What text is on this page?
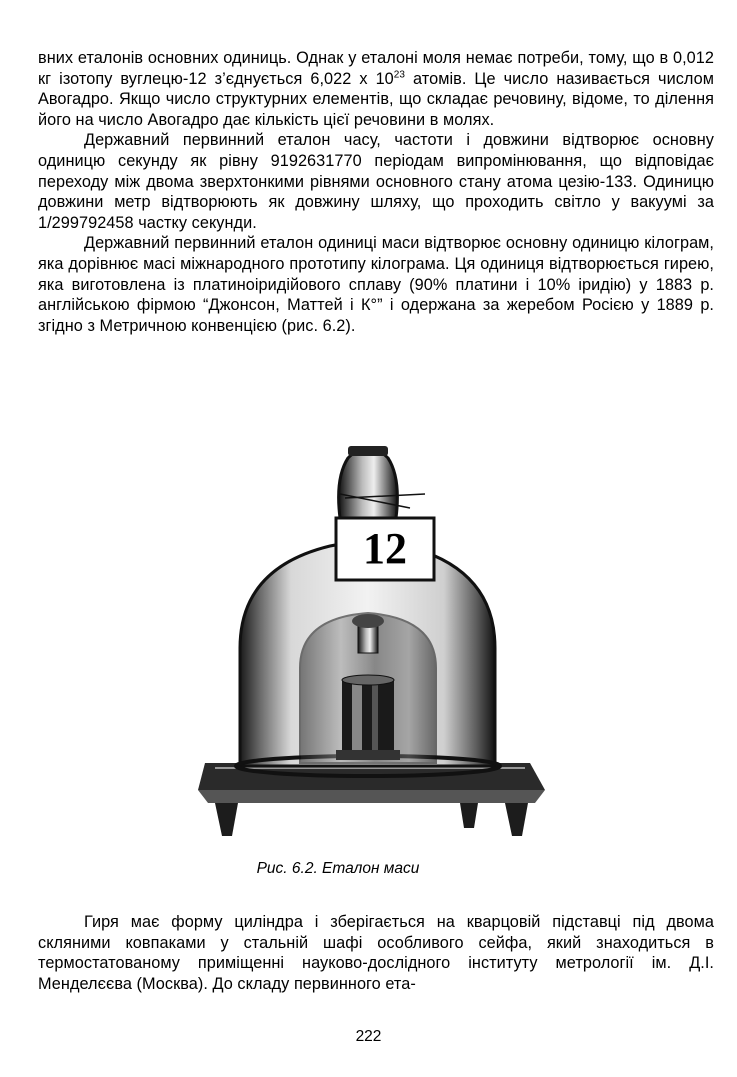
вних еталонів основних одиниць. Однак у еталоні моля немає потреби, тому, що в 0,012 кг ізотопу вуглецю-12 з’єднується 6,022 х $10^{23}$ атомів. Це число називається числом Авогадро. Якщо число структурних елементів, що складає речовину, відоме, то ділення його на число Авогадро дає кількість цієї речовини в молях.

Державний первинний еталон часу, частоти і довжини відтворює основну одиницю секунду як рівну 9192631770 періодам випромінювання, що відповідає переходу між двома зверхтонкими рівнями основного стану атома цезію-133. Одиницю довжини метр відтворюють як довжину шляху, що проходить світло у вакуумі за 1/299792458 частку секунди.

Державний первинний еталон одиниці маси відтворює основну одиницю кілограм, яка дорівнює масі міжнародного прототипу кілограма. Ця одиниця відтворюється гирею, яка виготовлена із платиноіридійового сплаву (90% платини і 10% іридію) у 1883 р. англійською фірмою “Джонсон, Маттей і К°” і одержана за жеребом Росією у 1889 р. згідно з Метричною конвенцією (рис. 6.2).

12

Рис. 6.2. Еталон маси

Гиря має форму циліндра і зберігається на кварцовій підставці під двома скляними ковпаками у стальній шафі особливого сейфа, який знаходиться в термостатованому приміщенні науково-дослідного інституту метрології ім. Д.І. Менделєєва (Москва). До складу первинного ета-

222
